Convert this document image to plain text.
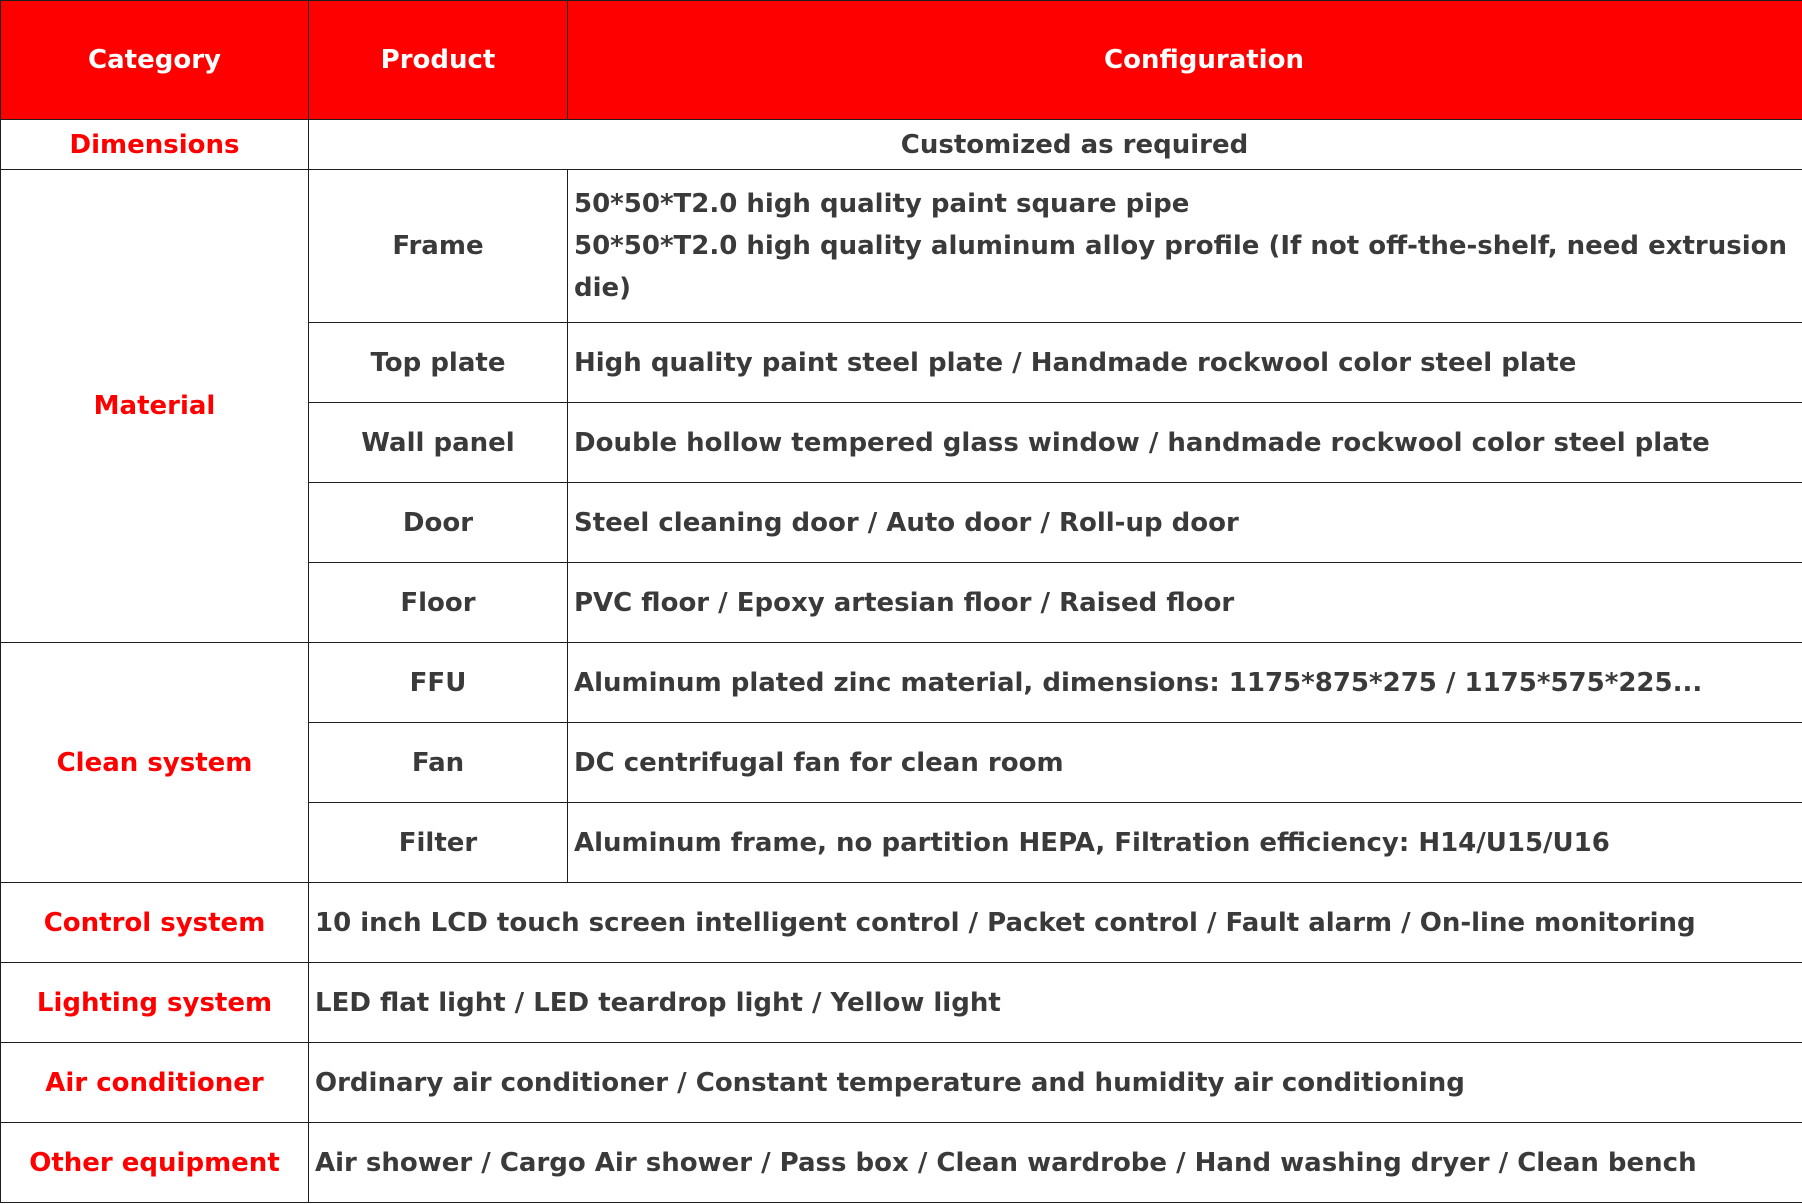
Category	Product	Configuration
Dimensions	Customized as required	
Material	Frame	50*50*T2.0 high quality paint square pipe
50*50*T2.0 high quality aluminum alloy profile (If not off-the-shelf, need extrusion die)

	Top plate	High quality paint steel plate / Handmade rockwool color steel plate
	Wall panel	Double hollow tempered glass window / handmade rockwool color steel plate
	Door	Steel cleaning door / Auto door / Roll-up door
	Floor	PVC floor / Epoxy artesian floor / Raised floor
Clean system	FFU	Aluminum plated zinc material, dimensions: 1175*875*275 / 1175*575*225...
	Fan	DC centrifugal fan for clean room
	Filter	Aluminum frame, no partition HEPA, Filtration efficiency: H14/U15/U16
Control system	10 inch LCD touch screen intelligent control / Packet control / Fault alarm / On-line monitoring	
Lighting system	LED flat light / LED teardrop light / Yellow light	
Air conditioner	Ordinary air conditioner / Constant temperature and humidity air conditioning	
Other equipment	Air shower / Cargo Air shower / Pass box / Clean wardrobe / Hand washing dryer / Clean bench	
